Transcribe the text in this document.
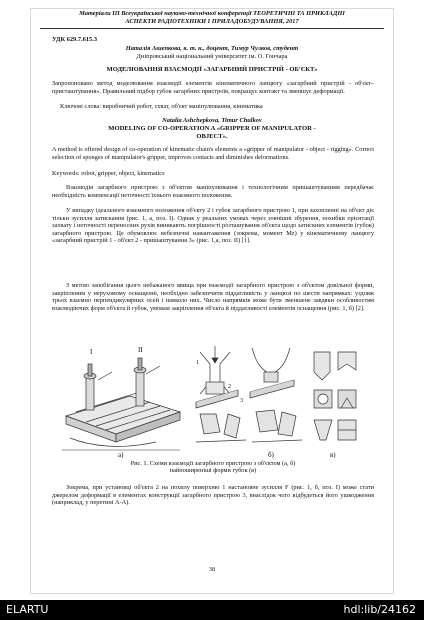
Матеріали ІІІ Всеукраїнської науково-технічної конференції ТЕОРЕТИЧНІ ТА ПРИКЛАДНІ
АСПЕКТИ РАДІОТЕХНІКИ І ПРИЛАДОБУДУВАННЯ, 2017
УДК 629.7.615.3
Наталія Ашепкова, к. т. н., доцент, Тимур Чулков, студент
Дніпровський національний університет ім. О. Гончара
МОДЕЛЮВАННЯ ВЗАЄМОДІЇ «ЗАГАРБНИЙ ПРИСТРІЙ - ОБ'ЄКТ»
Запропоновано метод моделювання взаємодії елементів кінематичного ланцюгу «загарбний пристрій - об'єкт– присташтування». Правильний підбор губок загарбних пристроїв, покращує контакт та зменшує деформації.
Ключові слова: виробничий робот, схват, об'єкт маніпулювання, кінематика
Natalia Ashchepkova, Timur Chulkov
MODELING OF CO-OPERATION A «GRIPPER OF MANIPULATOR -
OBJECT».
A method is offered design of co-operation of kinematic chain's elements a «gripper of manipulator - object - rigging». Correct selection of sponges of manipulator's gripper, improves contacts and diminishes deformations.
Keywords: robot, gripper, object, kinematics
Взаємодія загарбного пристрою з об'єктом маніпулювання і технологічним пришаштуванням передбачає необхідність компенсації неточності їхнього взаємного положення.
У випадку ідеального взаємного положення об'єкту 2 і губок загарбного пристрою 1, при захопленні на об'єкт діє тільки зусилля затискання (рис. 1, а, поз. I). Однак у реальних умовах через зовнішні збурення, похибки орієнтації захвату і неточності переносних рухів виникають погрішності розташування об'єкта щодо затискних елементів (губок) загарбного пристрою. Це обумовлює небезпечні навантаження (зокрема, момент Мz) у кінематичному ланцюгу «загарбний пристрій 1 - об'єкт 2 - пришаштування 3» (рис. 1,а, поз. II) [1].
З метою запобігання цього небажаного явища при взаємодії загарбного пристрою з об'єктом довільної форми, закріпленим у нерухомому оснащенні, необхідно забезпечити піддатливість у ланцюзі по шести напрямках: уздовж трьох взаємно перпендикулярних осей і навколо них. Число напрямків може бути зменшене завдяки особливостям взаємодіючих форм об'єкта й губок, умовам закріплення об'єкта й піддатливості елементів оснащення (рис. 1, б) [2].
I	II
а)
1
2
3
б)	в)
Рис. 1. Схеми взаємодії загарбного пристрою з об'єктом (а, б)
найпоширеніші форми губок (в)
Зокрема, при установці об'єкта 2 на похилу поверхню 1 настановне зусилля F (рис. 1, б, поз. I) може стати джерелом деформації в елементах конструкції загарбного пристрою 3, внаслідок чого відбудеться його ушкодження (наприклад, у перетині А-А).
38
ELARTU	hdl:lib/24162
